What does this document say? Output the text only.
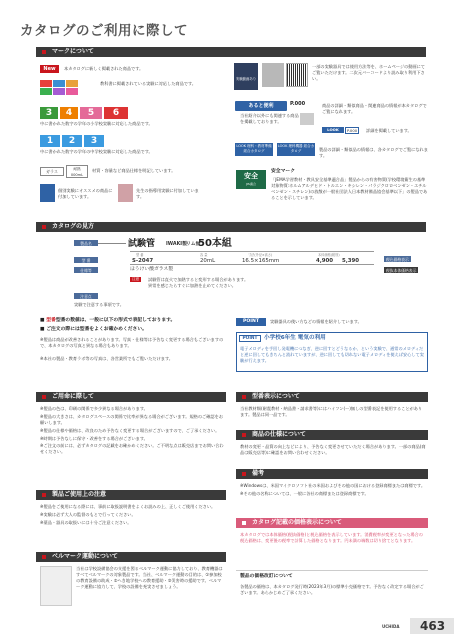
カタログのご利用に際して
マークについて
New	本カタログに新しく掲載された商品です。
教科書に掲載されている実験に対応した商品です。
3	4	5	6
中に書かれた数字の学年の小学校実験に対応した商品です。
1	2	3
中に書かれた数字の学年の中学校実験に対応した商品です。
ガラス	耐熱 000mL
材質・容量など商品仕様を明記しています。
個別実験にオススメの商品に付加しています。
先生の指導用実験に付加しています。
実験動画あり
一部の実験器具では使用方法等を、ホームページの動画にてご覧いただけます。二次元バーコードより読み取り利用下さい。
あると便利	P.000
当社紹介以外にも関連する商品を掲載しております。
商品の詳細・類似商品・関連商品の情報が本カタログでご覧になれます。
LOOK	P.000	詳細を掲載しています。
LOOK 理科・教材準備 総合カタログ
LOOK 理科機器 総合カタログ	製品の詳細・類似品の情報は、各カタログでご覧になれます。
安全
JIS適合
安全マーク
「JEMA学習教材・教具安全基準適合品」製品からの有害物質(学校環境衛生の基準対象物質:ホルムアルデヒド・トルエン・キシレン・パラジクロロベンゼン・エチルベンゼン・スチレン)の放散が一般社団法人日本教材備品協会基準以下」の製品であることを示しています。
カタログの見方
製品名
型 番
仕様等
注意点
試験管 IWAKI製 リム無
50本組
型 番	容 量	寸法(外径×高さ)	本体価格(税別)
S-2047	20mL	16.5×165mm	4,900 5,390	税込価格表示
税抜本体価格表示
ほうけい酸ガラス製
注意	試験管は直火で加熱すると変形する場合があります。
異常を感じたらすぐに加熱を止めてください。
実験で注意する事項です。
■ 型番型番の数値は、一般に以下の形式で表記しております。
■ ご注文の際には型番をよくお確かめください。
※製品は商品が改善されることがあります。写真・仕様等は予告なく変更する場合もございますので、本カタログの写真と異なる場合もあります。
※本社の製品・教育ラボ等の写真は、各営業所でもご覧いただけます。
POINT	実験器具の使い方などの情報を紹介しています。
POINT	小学校6年生 電気の利用
電子メロディを手回し発電機につなぎ、逆に回すとどうなるか、という実験で、通常のメロディだと逆に回してもきちんと流れていますが、逆に回しても切れない電子メロディを使えば安心して実験が行えます。
ご用命に際して
※製品の色は、印刷の関係で多少異なる場合があります。
※製品の大きさは、カタログスペースの関係で比率が異なる場合がございます。規格のご確認をお願いします。
※製品の仕様や価格は、改良のため予告なく変更する場合がございますので、ご了承ください。
※時期は予告なしに保守・改善をする場合がございます。
※ご注文の前には、必ずカタログの記載をお確かめください。ご不明な点は販売店までお問い合わせください。
製品ご使用上の注意
※製品をご使用になる際には、事前に取扱説明書をよくお読みの上、正しくご使用ください。
※実験は必ず大人の監督のもとで行ってください。
※薬品・器具の取扱いには十分ご注意ください。
ベルマーク運動について
当社は学校設備協会の支援を図るベルマーク運動に協力しており、教育機器はすべてベルマークの対象製品です。当社、ベルマーク運動の目的は、①参加校の教育設備の助成・②へき地学校への教育援助・③災害時の援助です。ベルマーク運動に協力して、学校の設備を充実させましょう。
型番表示について
当社教材類(耐震教材・納品書・請求書等)にはハイフン(ー)無しの型番表記を使用することがあります。製品は同一品です。
商品の仕様について
教材の変更・品質の向上などにより、予告なく変更させていただく場合があります。一部の商品(商品は販売店等)に確認をお問い合わせください。
備考
※Windowsは、米国マイクロソフト社の米国およびその他の国における登録商標または商標です。
※その他の名称については、一般に各社の商標または登録商標です。
カタログ記載の価格表示について
本カタログでは本体価格(税抜価格)と税込価格を表示しています。消費税率が変更となった場合の税込価格は、変更後の税率で計算した価格となります。円未満の端数は切り捨てとなります。
製品の価格改訂について
各製品の価格は、本カタログ発行時(2023年3月)の標準小売価格です。予告なく改定する場合がございます。あらかじめご了承ください。
UCHIDA 463
